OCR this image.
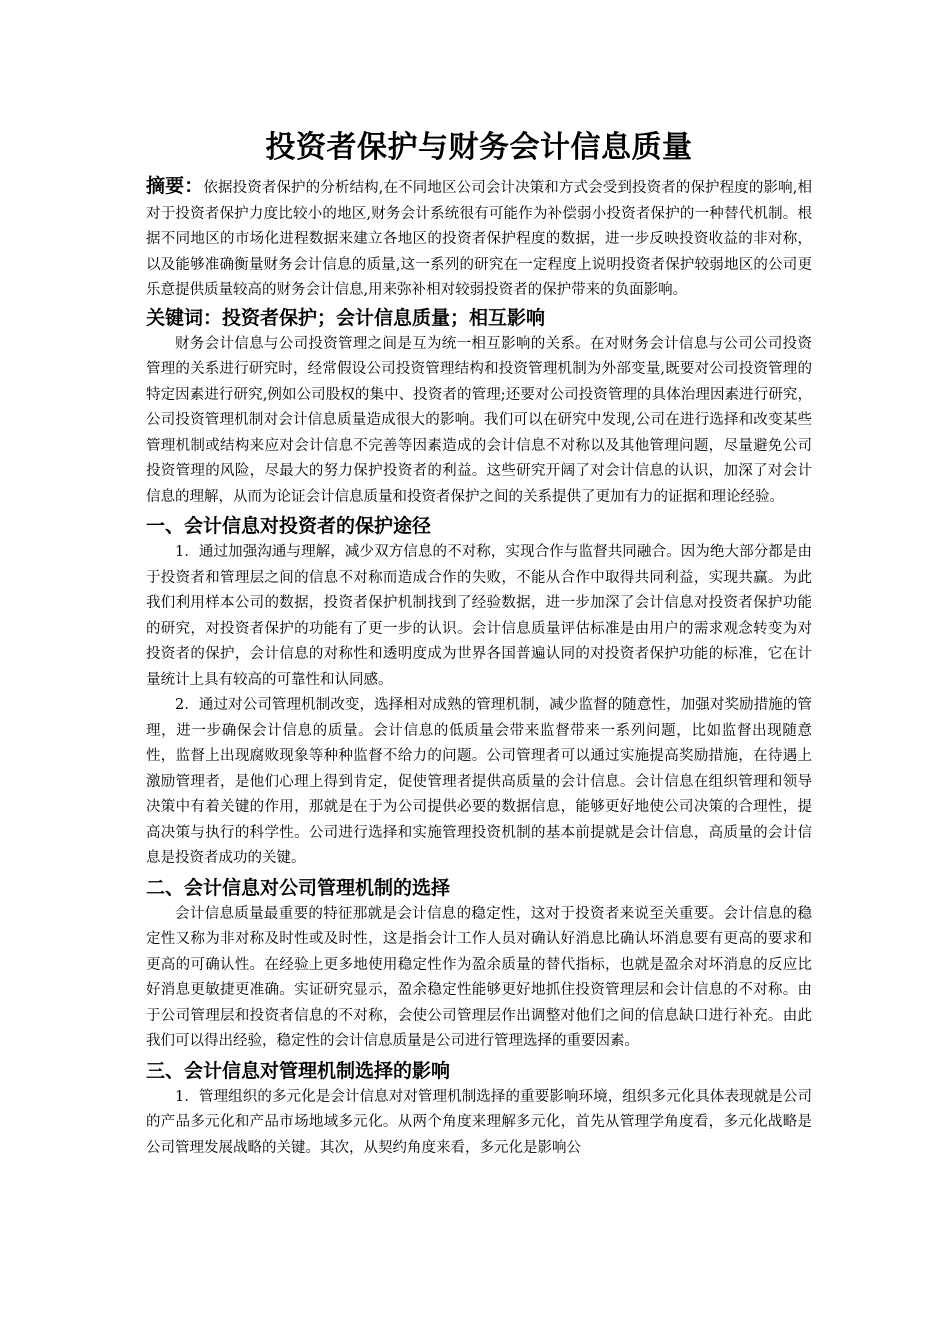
投资者保护与财务会计信息质量

摘要：依据投资者保护的分析结构,在不同地区公司会计决策和方式会受到投资者的保护程度的影响,相对于投资者保护力度比较小的地区,财务会计系统很有可能作为补偿弱小投资者保护的一种替代机制。根据不同地区的市场化进程数据来建立各地区的投资者保护程度的数据，进一步反映投资收益的非对称，以及能够准确衡量财务会计信息的质量,这一系列的研究在一定程度上说明投资者保护较弱地区的公司更乐意提供质量较高的财务会计信息,用来弥补相对较弱投资者的保护带来的负面影响。

关键词：投资者保护；会计信息质量；相互影响

财务会计信息与公司投资管理之间是互为统一相互影响的关系。在对财务会计信息与公司公司投资管理的关系进行研究时，经常假设公司投资管理结构和投资管理机制为外部变量,既要对公司投资管理的特定因素进行研究,例如公司股权的集中、投资者的管理;还要对公司投资管理的具体治理因素进行研究，公司投资管理机制对会计信息质量造成很大的影响。我们可以在研究中发现,公司在进行选择和改变某些管理机制或结构来应对会计信息不完善等因素造成的会计信息不对称以及其他管理问题，尽量避免公司投资管理的风险，尽最大的努力保护投资者的利益。这些研究开阔了对会计信息的认识，加深了对会计信息的理解，从而为论证会计信息质量和投资者保护之间的关系提供了更加有力的证据和理论经验。

一、会计信息对投资者的保护途径

1．通过加强沟通与理解，减少双方信息的不对称，实现合作与监督共同融合。因为绝大部分都是由于投资者和管理层之间的信息不对称而造成合作的失败，不能从合作中取得共同利益，实现共赢。为此我们利用样本公司的数据，投资者保护机制找到了经验数据，进一步加深了会计信息对投资者保护功能的研究，对投资者保护的功能有了更一步的认识。会计信息质量评估标准是由用户的需求观念转变为对投资者的保护，会计信息的对称性和透明度成为世界各国普遍认同的对投资者保护功能的标准，它在计量统计上具有较高的可靠性和认同感。

2．通过对公司管理机制改变，选择相对成熟的管理机制，减少监督的随意性，加强对奖励措施的管理，进一步确保会计信息的质量。会计信息的低质量会带来监督带来一系列问题，比如监督出现随意性，监督上出现腐败现象等种种监督不给力的问题。公司管理者可以通过实施提高奖励措施，在待遇上激励管理者，是他们心理上得到肯定，促使管理者提供高质量的会计信息。会计信息在组织管理和领导决策中有着关键的作用，那就是在于为公司提供必要的数据信息，能够更好地使公司决策的合理性，提高决策与执行的科学性。公司进行选择和实施管理投资机制的基本前提就是会计信息，高质量的会计信息是投资者成功的关键。

二、会计信息对公司管理机制的选择

会计信息质量最重要的特征那就是会计信息的稳定性，这对于投资者来说至关重要。会计信息的稳定性又称为非对称及时性或及时性，这是指会计工作人员对确认好消息比确认坏消息要有更高的要求和更高的可确认性。在经验上更多地使用稳定性作为盈余质量的替代指标，也就是盈余对坏消息的反应比好消息更敏捷更准确。实证研究显示，盈余稳定性能够更好地抓住投资管理层和会计信息的不对称。由于公司管理层和投资者信息的不对称，会使公司管理层作出调整对他们之间的信息缺口进行补充。由此我们可以得出经验，稳定性的会计信息质量是公司进行管理选择的重要因素。

三、会计信息对管理机制选择的影响

1．管理组织的多元化是会计信息对对管理机制选择的重要影响环境，组织多元化具体表现就是公司的产品多元化和产品市场地域多元化。从两个角度来理解多元化，首先从管理学角度看，多元化战略是公司管理发展战略的关键。其次，从契约角度来看，多元化是影响公
